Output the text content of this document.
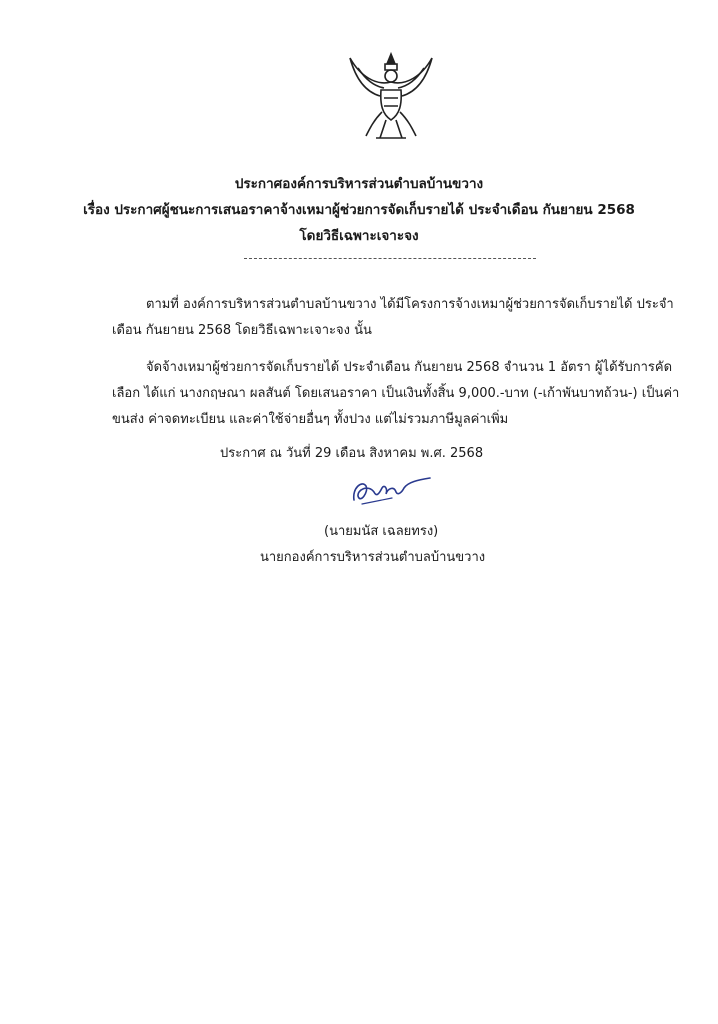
ประกาศองค์การบริหารส่วนตำบลบ้านขวาง
เรื่อง ประกาศผู้ชนะการเสนอราคาจ้างเหมาผู้ช่วยการจัดเก็บรายได้ ประจำเดือน กันยายน 2568
โดยวิธีเฉพาะเจาะจง
ตามที่ องค์การบริหารส่วนตำบลบ้านขวาง ได้มีโครงการจ้างเหมาผู้ช่วยการจัดเก็บรายได้ ประจำเดือน กันยายน 2568 โดยวิธีเฉพาะเจาะจง นั้น
จัดจ้างเหมาผู้ช่วยการจัดเก็บรายได้ ประจำเดือน กันยายน 2568 จำนวน 1 อัตรา ผู้ได้รับการคัดเลือก ได้แก่ นางกฤษณา ผลสันต์ โดยเสนอราคา เป็นเงินทั้งสิ้น 9,000.-บาท (-เก้าพันบาทถ้วน-) เป็นค่าขนส่ง ค่าจดทะเบียน และค่าใช้จ่ายอื่นๆ ทั้งปวง แต่ไม่รวมภาษีมูลค่าเพิ่ม
ประกาศ ณ วันที่ 29 เดือน สิงหาคม พ.ศ. 2568
(นายมนัส เฉลยทรง)
นายกองค์การบริหารส่วนตำบลบ้านขวาง
